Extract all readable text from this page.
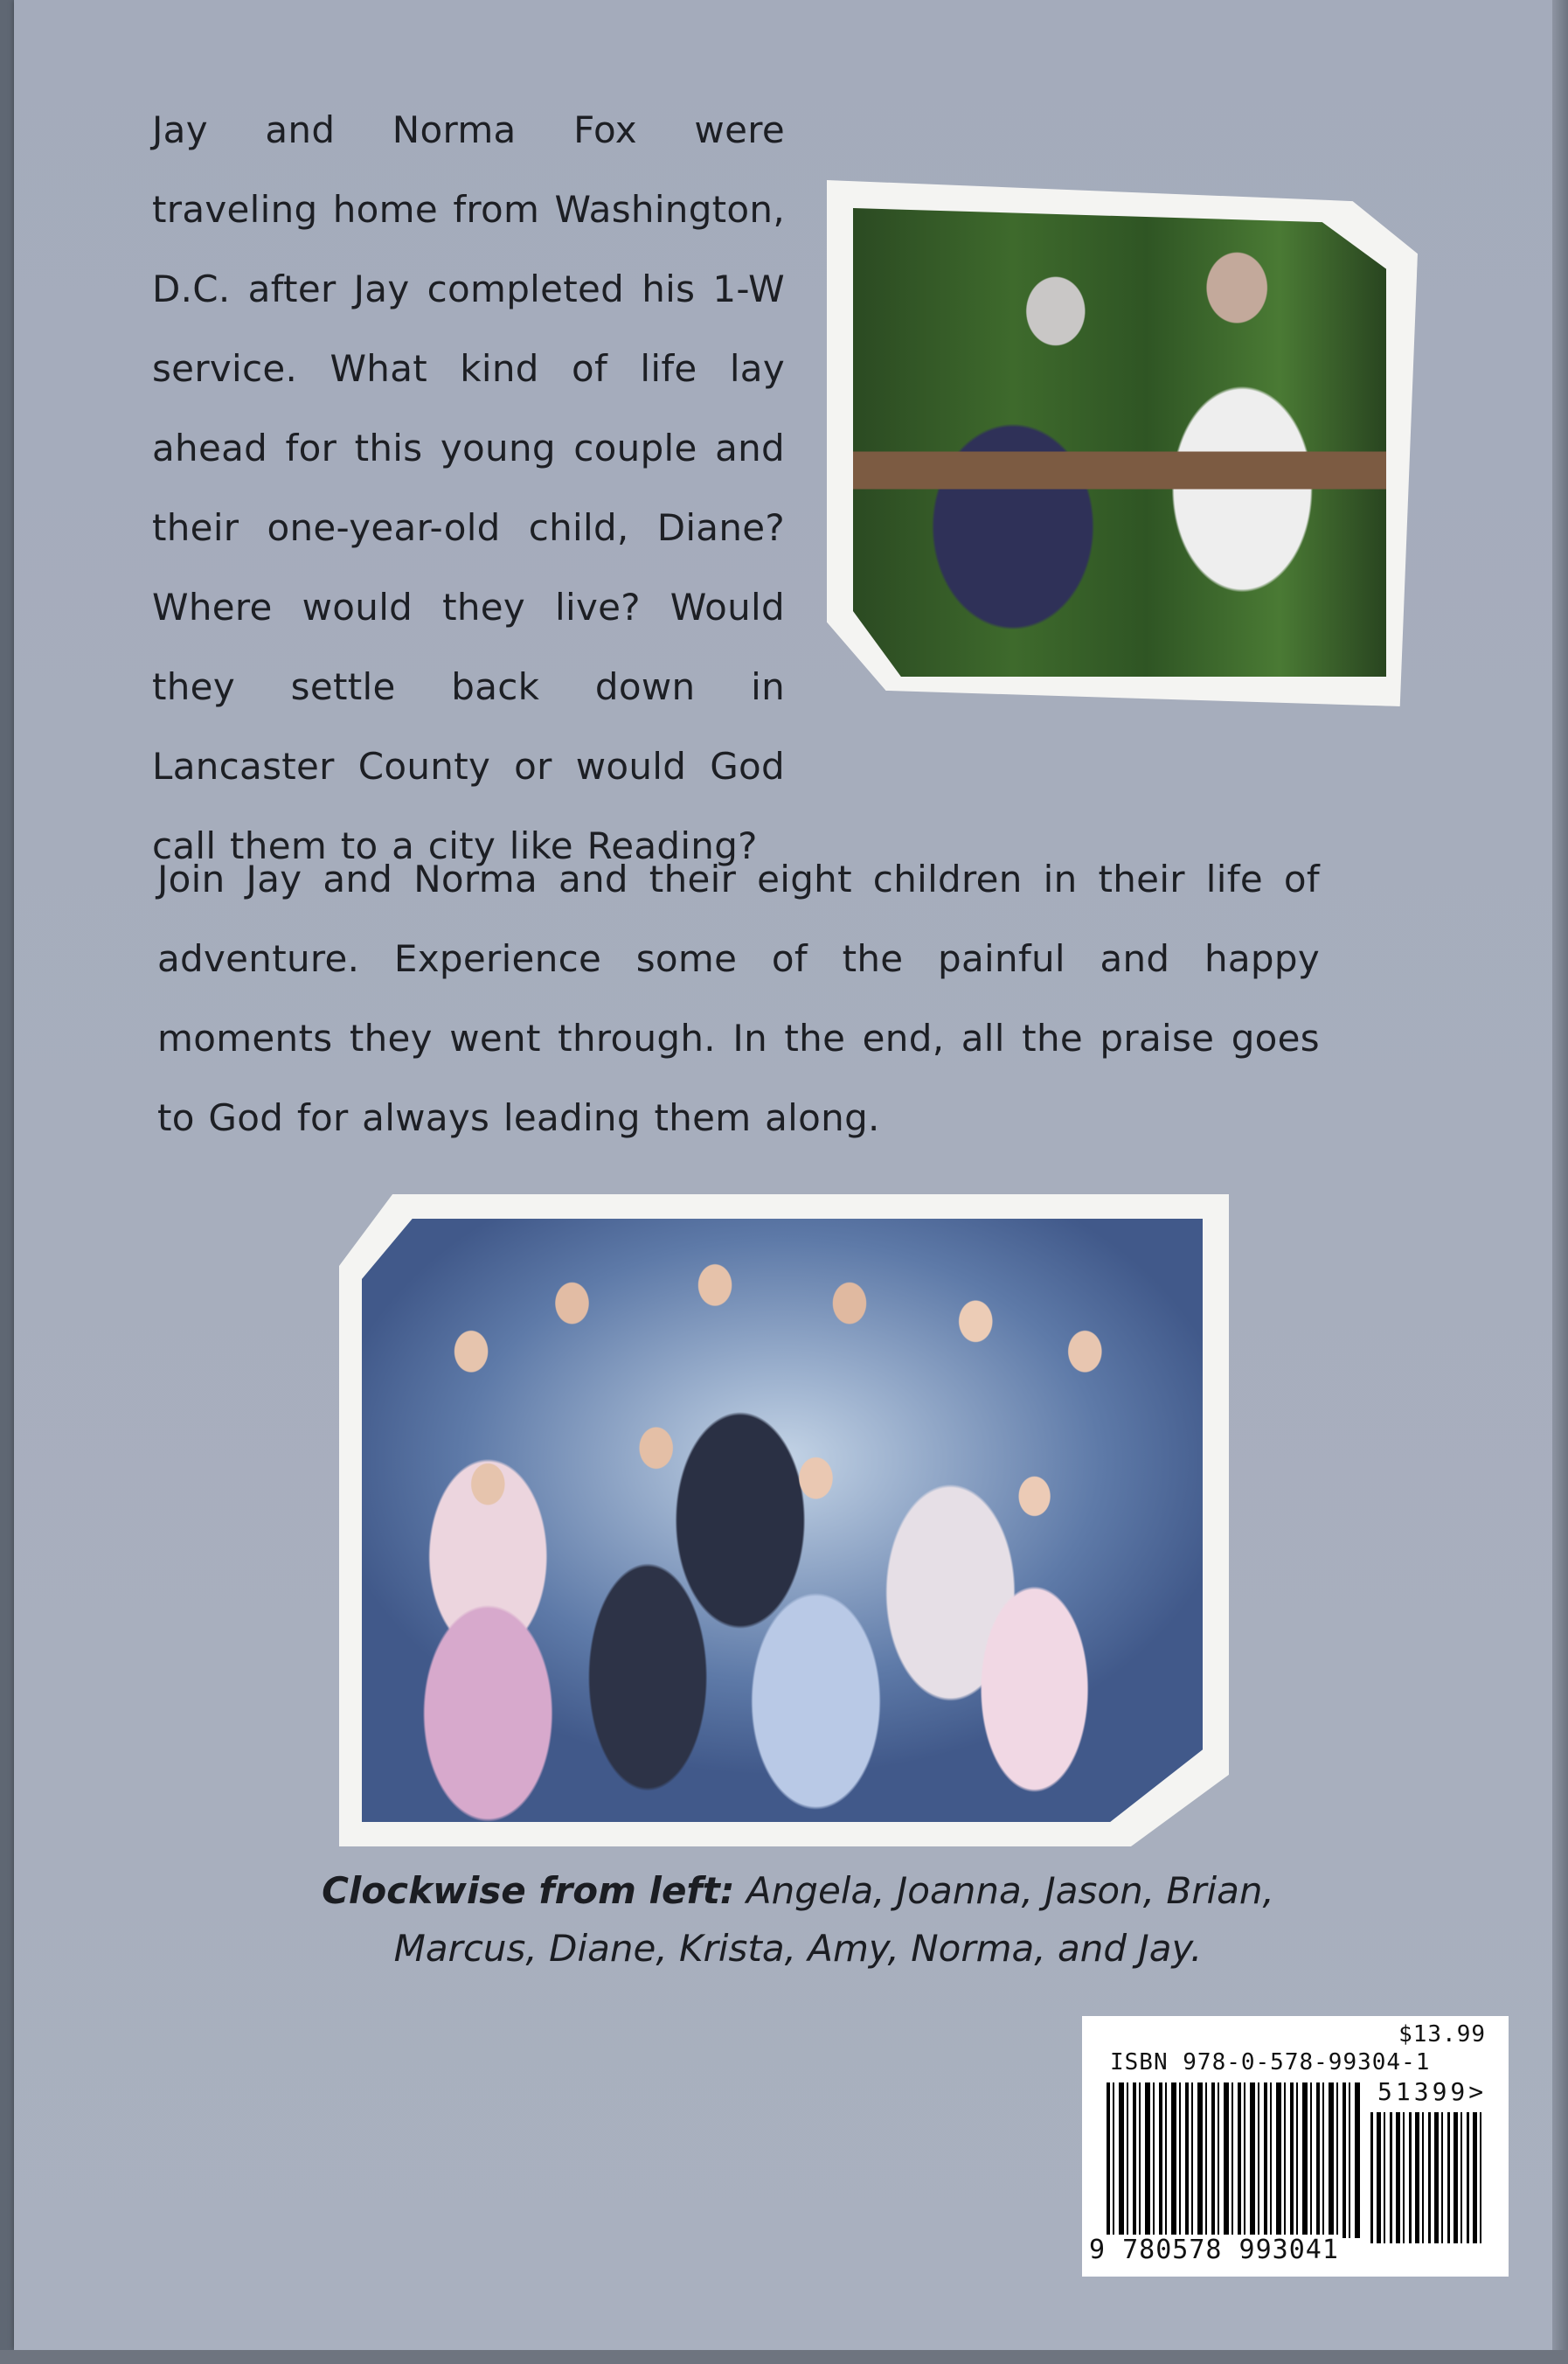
Jay and Norma Fox were traveling home from Washington, D.C. after Jay completed his 1-W service. What kind of life lay ahead for this young couple and their one-year-old child, Diane? Where would they live? Would they settle back down in Lancaster County or would God call them to a city like Reading?

Join Jay and Norma and their eight children in their life of adventure. Experience some of the painful and happy moments they went through. In the end, all the praise goes to God for always leading them along.

Clockwise from left: Angela, Joanna, Jason, Brian, Marcus, Diane, Krista, Amy, Norma, and Jay.

$13.99
ISBN 978-0-578-99304-1
51399>
9 780578 993041
